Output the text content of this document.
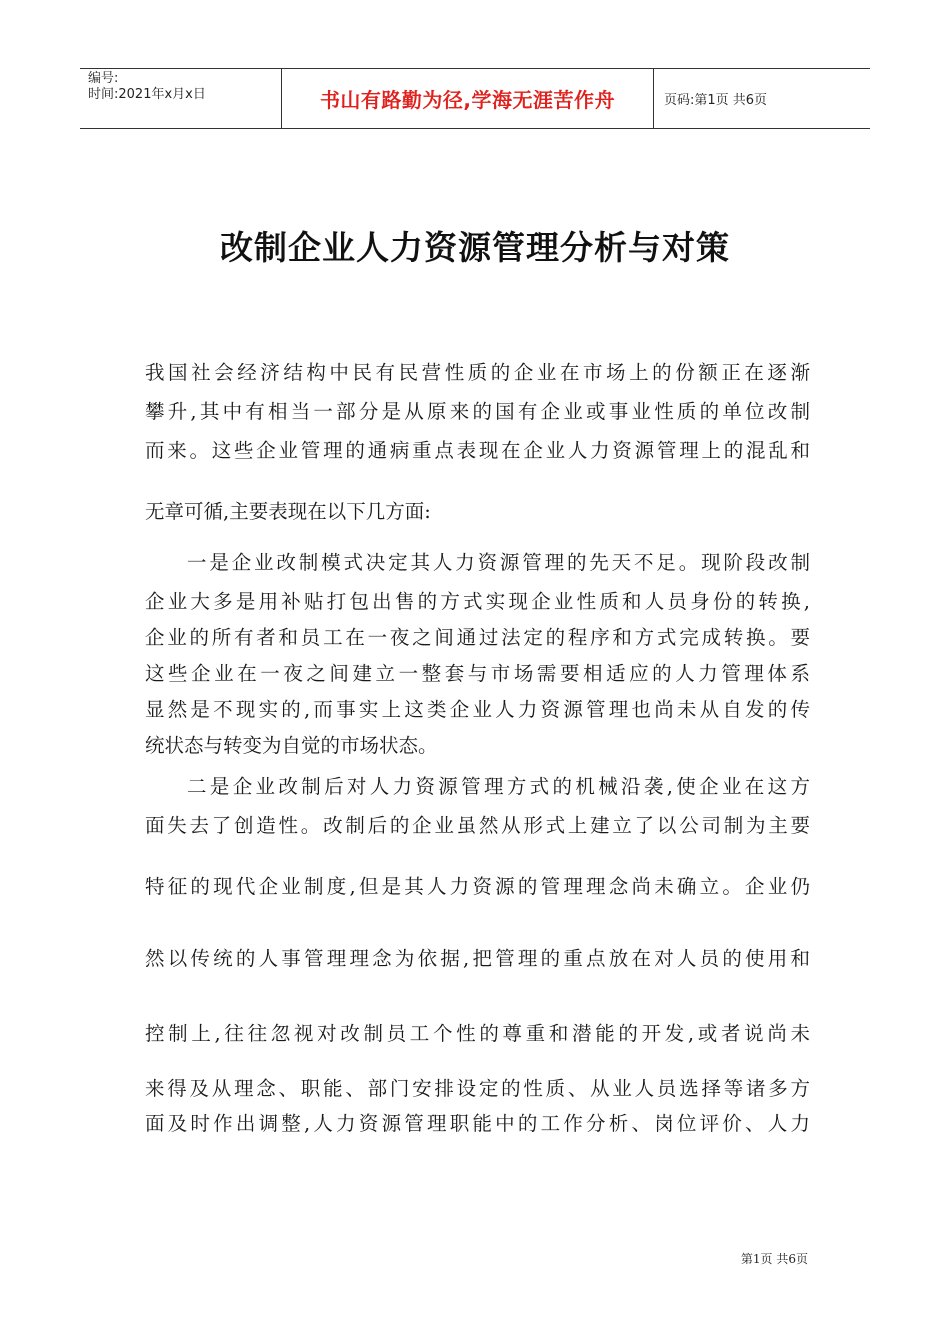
编号:
时间:2021年x月x日	书山有路勤为径,学海无涯苦作舟	页码:第1页 共6页
改制企业人力资源管理分析与对策
我国社会经济结构中民有民营性质的企业在市场上的份额正在逐渐
攀升,其中有相当一部分是从原来的国有企业或事业性质的单位改制
而来。这些企业管理的通病重点表现在企业人力资源管理上的混乱和
无章可循,主要表现在以下几方面:
一是企业改制模式决定其人力资源管理的先天不足。现阶段改制
企业大多是用补贴打包出售的方式实现企业性质和人员身份的转换,
企业的所有者和员工在一夜之间通过法定的程序和方式完成转换。要
这些企业在一夜之间建立一整套与市场需要相适应的人力管理体系
显然是不现实的,而事实上这类企业人力资源管理也尚未从自发的传
统状态与转变为自觉的市场状态。
二是企业改制后对人力资源管理方式的机械沿袭,使企业在这方
面失去了创造性。改制后的企业虽然从形式上建立了以公司制为主要
特征的现代企业制度,但是其人力资源的管理理念尚未确立。企业仍
然以传统的人事管理理念为依据,把管理的重点放在对人员的使用和
控制上,往往忽视对改制员工个性的尊重和潜能的开发,或者说尚未
来得及从理念、职能、部门安排设定的性质、从业人员选择等诸多方
面及时作出调整,人力资源管理职能中的工作分析、岗位评价、人力
第1页 共6页
